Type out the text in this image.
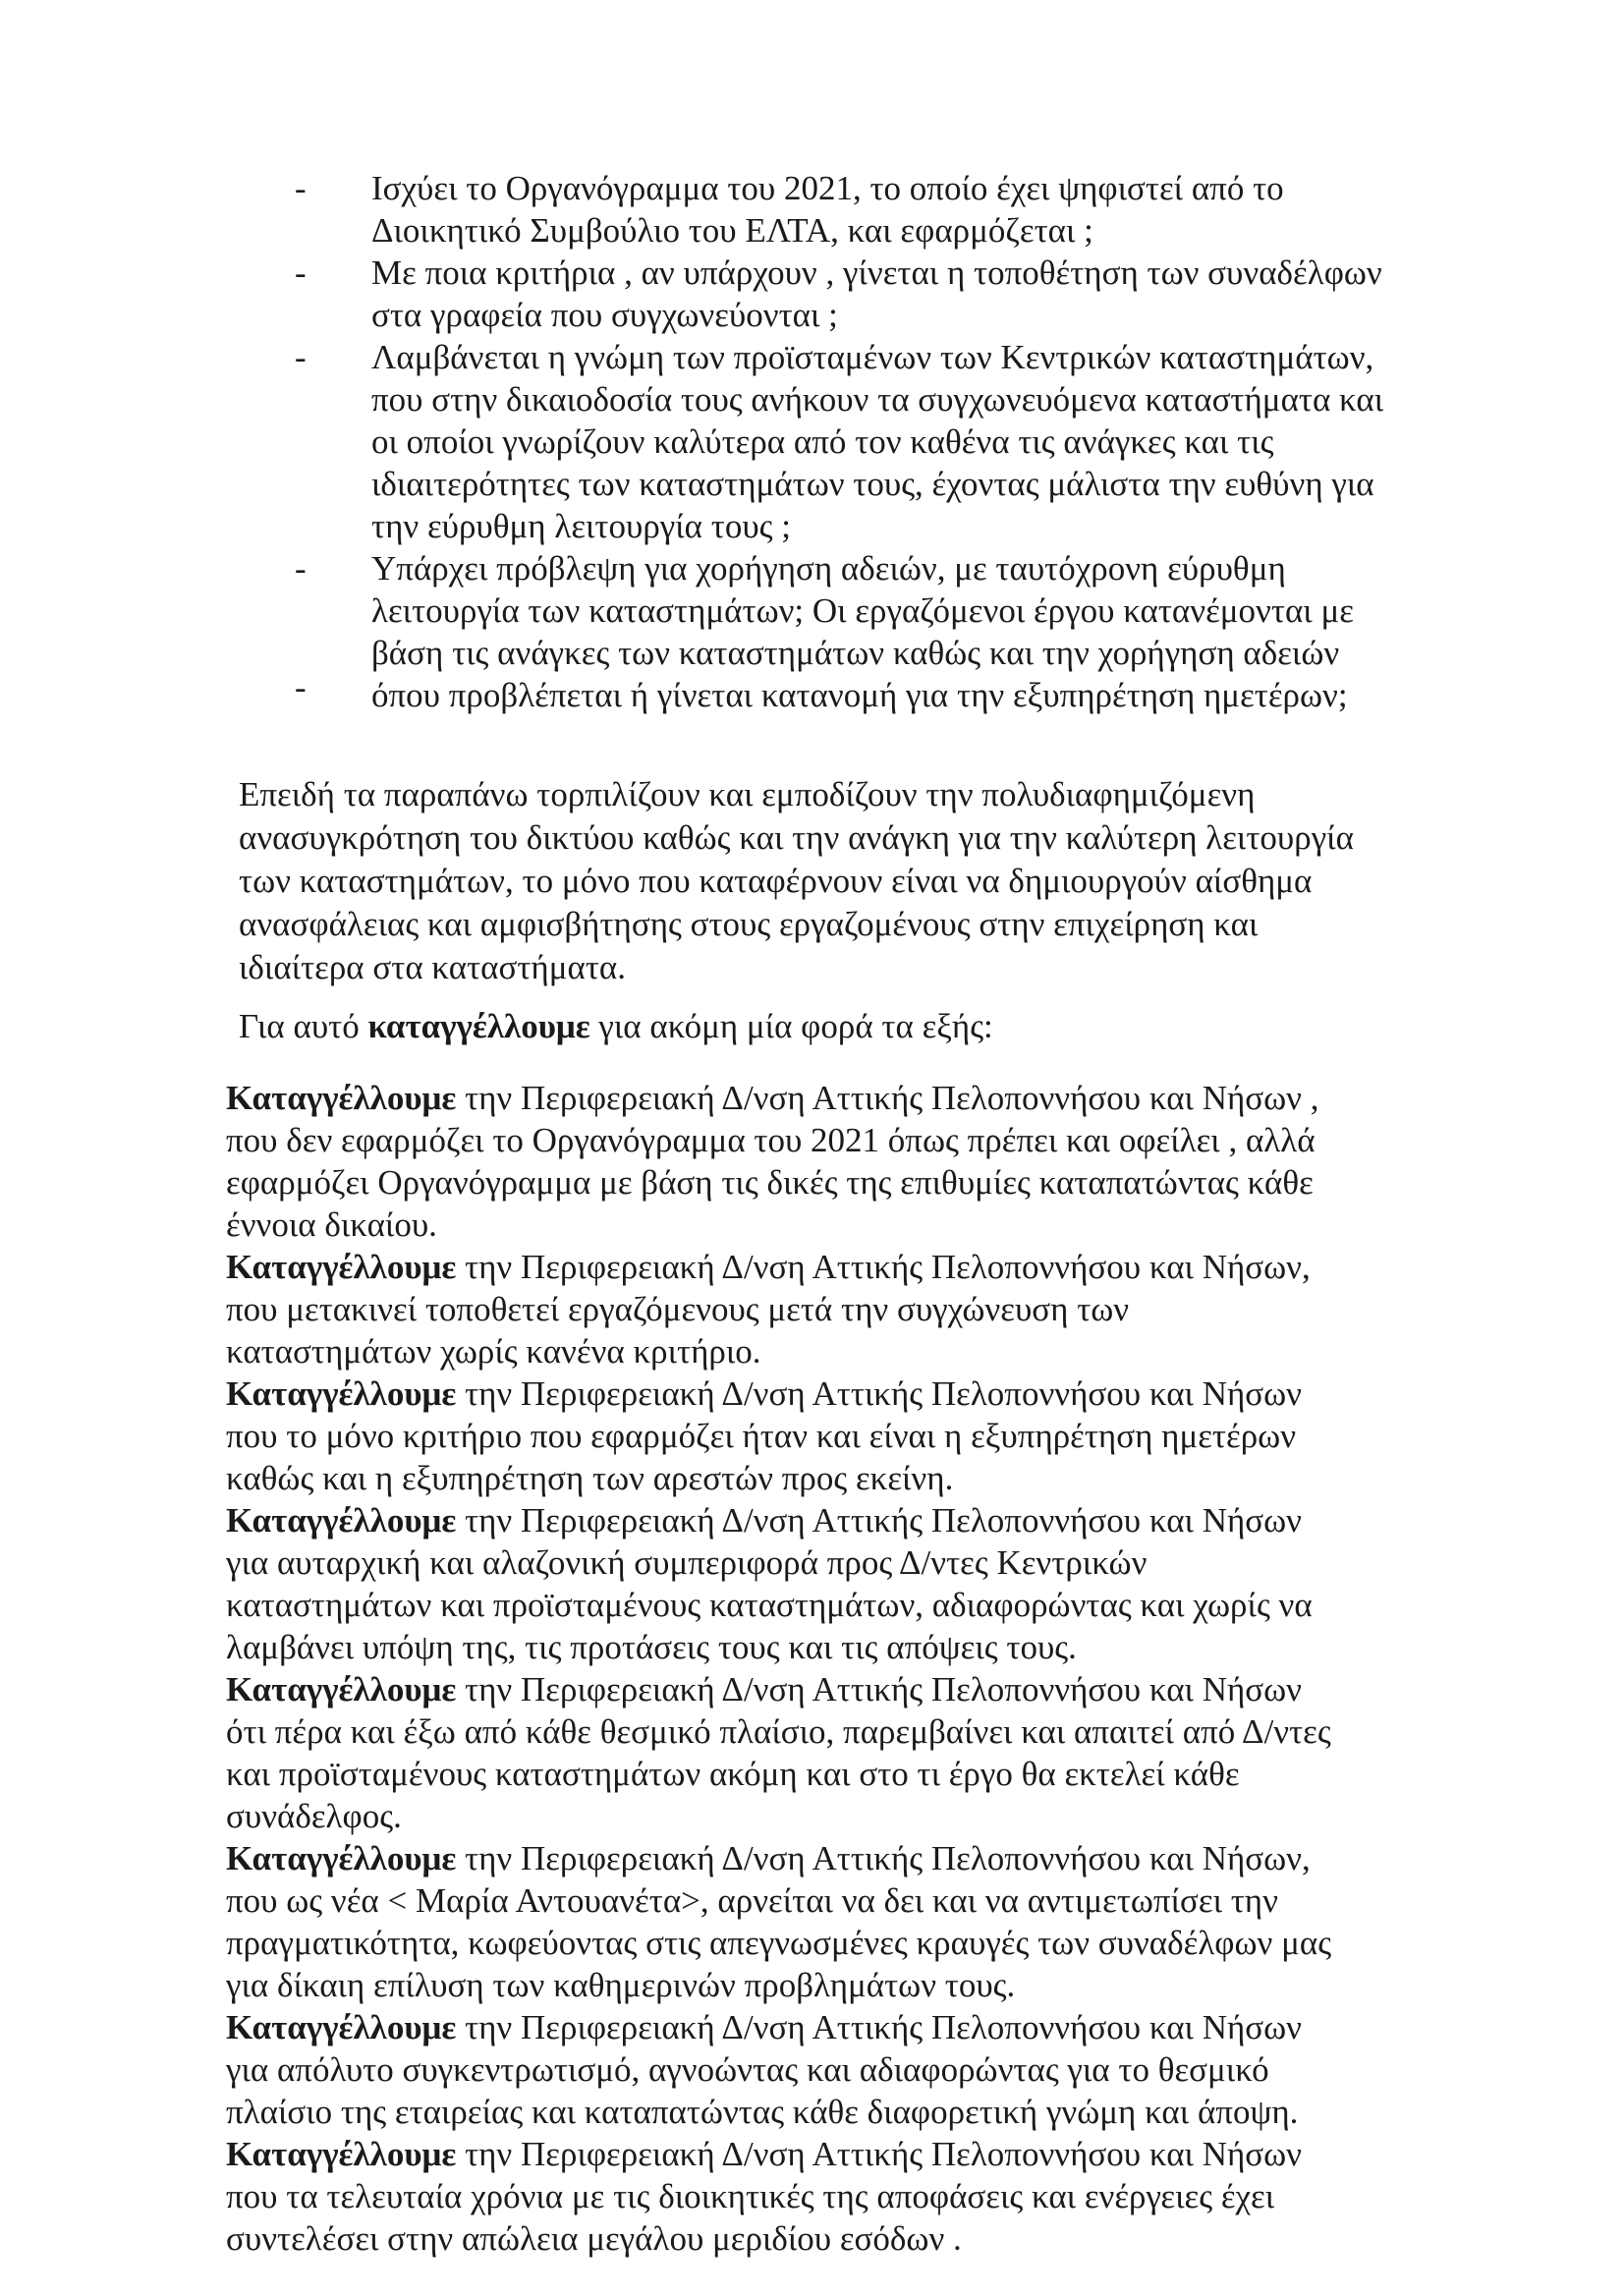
- Ισχύει το Οργανόγραμμα του 2021, το οποίο έχει ψηφιστεί από το Διοικητικό Συμβούλιο του ΕΛΤΑ, και εφαρμόζεται ;
- Με ποια κριτήρια , αν υπάρχουν , γίνεται η τοποθέτηση των συναδέλφων στα γραφεία που συγχωνεύονται ;
- Λαμβάνεται η γνώμη των προϊσταμένων των Κεντρικών καταστημάτων, που στην δικαιοδοσία τους ανήκουν τα συγχωνευόμενα καταστήματα και οι οποίοι γνωρίζουν καλύτερα από τον καθένα τις ανάγκες και τις ιδιαιτερότητες των καταστημάτων τους, έχοντας μάλιστα την ευθύνη για την εύρυθμη λειτουργία τους ;
- Υπάρχει πρόβλεψη για χορήγηση αδειών, με ταυτόχρονη εύρυθμη λειτουργία των καταστημάτων; Οι εργαζόμενοι έργου κατανέμονται με βάση τις ανάγκες των καταστημάτων καθώς και την χορήγηση αδειών όπου προβλέπεται ή γίνεται κατανομή για την εξυπηρέτηση ημετέρων;
-

Επειδή τα παραπάνω τορπιλίζουν και εμποδίζουν την πολυδιαφημιζόμενη ανασυγκρότηση του δικτύου καθώς και την ανάγκη για την καλύτερη λειτουργία των καταστημάτων, το μόνο που καταφέρνουν είναι να δημιουργούν αίσθημα ανασφάλειας και αμφισβήτησης στους εργαζομένους στην επιχείρηση και ιδιαίτερα στα καταστήματα.

Για αυτό καταγγέλλουμε για ακόμη μία φορά τα εξής:

Καταγγέλλουμε την Περιφερειακή Δ/νση Αττικής Πελοποννήσου και Νήσων , που δεν εφαρμόζει το Οργανόγραμμα του 2021 όπως πρέπει και οφείλει , αλλά εφαρμόζει Οργανόγραμμα με βάση τις δικές της επιθυμίες καταπατώντας κάθε έννοια δικαίου.
Καταγγέλλουμε την Περιφερειακή Δ/νση Αττικής Πελοποννήσου και Νήσων, που μετακινεί τοποθετεί εργαζόμενους μετά την συγχώνευση των καταστημάτων χωρίς κανένα κριτήριο.
Καταγγέλλουμε την Περιφερειακή Δ/νση Αττικής Πελοποννήσου και Νήσων που το μόνο κριτήριο που εφαρμόζει ήταν και είναι η εξυπηρέτηση ημετέρων καθώς και η εξυπηρέτηση των αρεστών προς εκείνη.
Καταγγέλλουμε την Περιφερειακή Δ/νση Αττικής Πελοποννήσου και Νήσων για αυταρχική και αλαζονική συμπεριφορά προς Δ/ντες Κεντρικών καταστημάτων και προϊσταμένους καταστημάτων, αδιαφορώντας και χωρίς να λαμβάνει υπόψη της, τις προτάσεις τους και τις απόψεις τους.
Καταγγέλλουμε την Περιφερειακή Δ/νση Αττικής Πελοποννήσου και Νήσων ότι πέρα και έξω από κάθε θεσμικό πλαίσιο, παρεμβαίνει και απαιτεί από Δ/ντες και προϊσταμένους καταστημάτων ακόμη και στο τι έργο θα εκτελεί κάθε συνάδελφος.
Καταγγέλλουμε την Περιφερειακή Δ/νση Αττικής Πελοποννήσου και Νήσων, που ως νέα < Μαρία Αντουανέτα>, αρνείται να δει και να αντιμετωπίσει την πραγματικότητα, κωφεύοντας στις απεγνωσμένες κραυγές των συναδέλφων μας για δίκαιη επίλυση των καθημερινών προβλημάτων τους.
Καταγγέλλουμε την Περιφερειακή Δ/νση Αττικής Πελοποννήσου και Νήσων για απόλυτο συγκεντρωτισμό, αγνοώντας και αδιαφορώντας για το θεσμικό πλαίσιο της εταιρείας και καταπατώντας κάθε διαφορετική γνώμη και άποψη.
Καταγγέλλουμε την Περιφερειακή Δ/νση Αττικής Πελοποννήσου και Νήσων που τα τελευταία χρόνια με τις διοικητικές της αποφάσεις και ενέργειες έχει συντελέσει στην απώλεια μεγάλου μεριδίου εσόδων .
